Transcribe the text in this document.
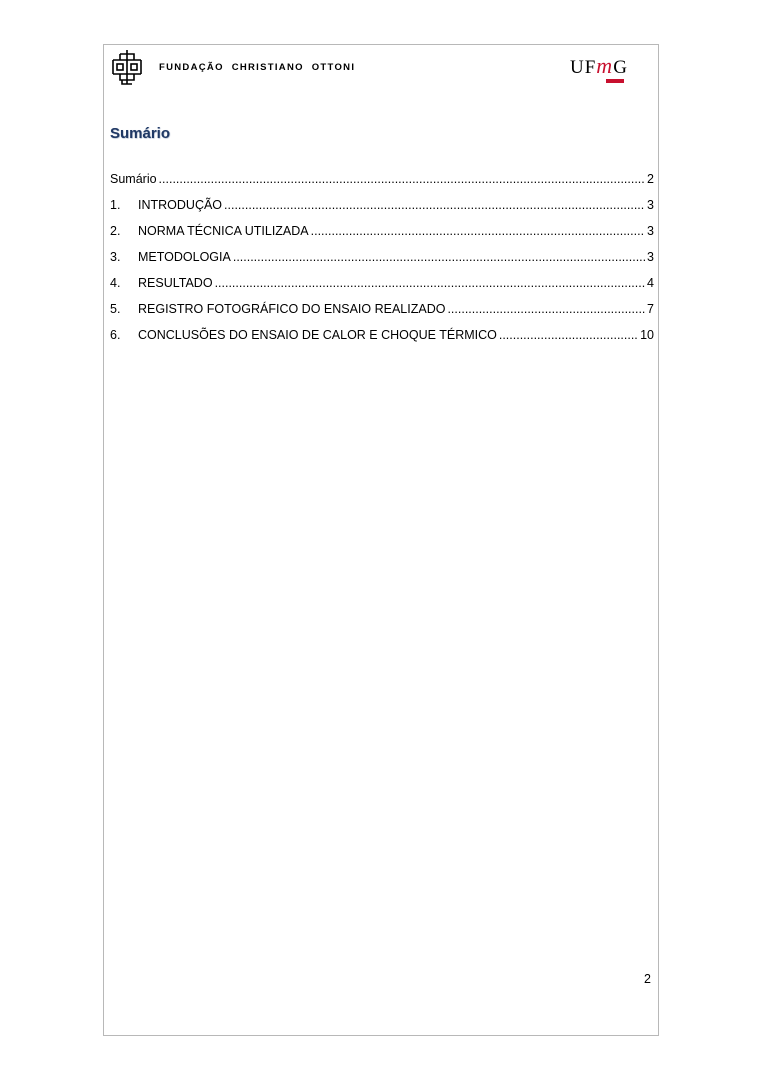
FUNDAÇÃO CHRISTIANO OTTONI	UFmG
Sumário
Sumário .....	2
1.	INTRODUÇÃO .....	3
2.	NORMA TÉCNICA UTILIZADA .....	3
3.	METODOLOGIA .....	3
4.	RESULTADO .....	4
5.	REGISTRO FOTOGRÁFICO DO ENSAIO REALIZADO .....	7
6.	CONCLUSÕES DO ENSAIO DE CALOR E CHOQUE TÉRMICO .....	10
2
